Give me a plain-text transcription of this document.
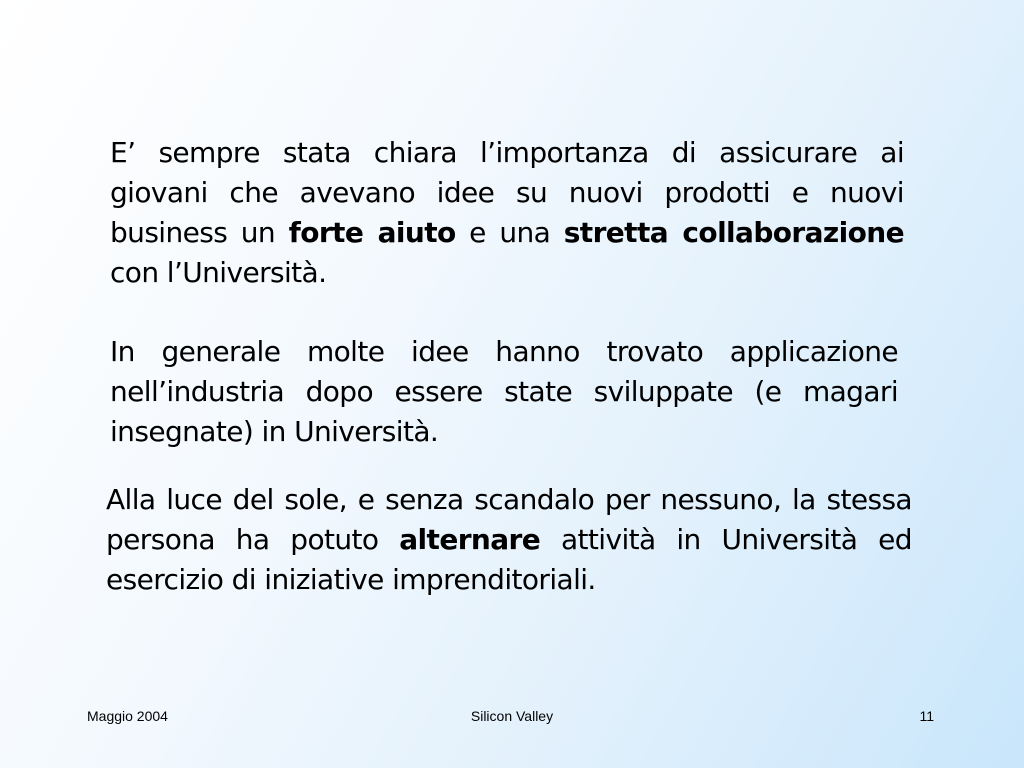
E’ sempre stata chiara l’importanza di assicurare ai giovani che avevano idee su nuovi prodotti e nuovi business un forte aiuto e una stretta collaborazione con l’Università.

In generale molte idee hanno trovato applicazione nell’industria dopo essere state sviluppate (e magari insegnate) in Università.

Alla luce del sole, e senza scandalo per nessuno, la stessa persona ha potuto alternare attività in Università ed esercizio di iniziative imprenditoriali.

Maggio 2004	Silicon Valley	11
